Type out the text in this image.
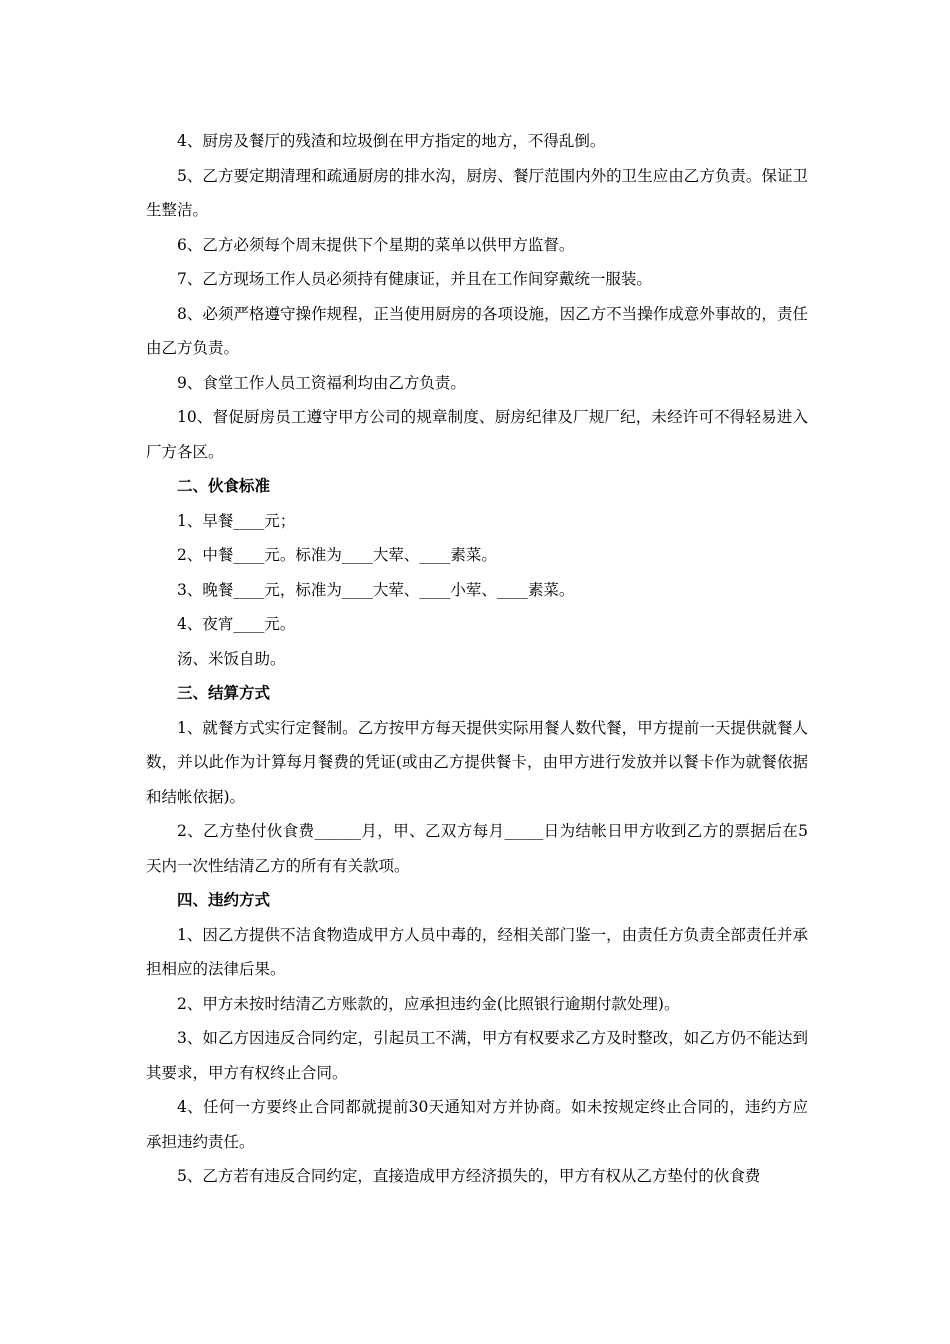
4、厨房及餐厅的残渣和垃圾倒在甲方指定的地方，不得乱倒。

5、乙方要定期清理和疏通厨房的排水沟，厨房、餐厅范围内外的卫生应由乙方负责。保证卫生整洁。

6、乙方必须每个周末提供下个星期的菜单以供甲方监督。

7、乙方现场工作人员必须持有健康证，并且在工作间穿戴统一服装。

8、必须严格遵守操作规程，正当使用厨房的各项设施，因乙方不当操作成意外事故的，责任由乙方负责。

9、食堂工作人员工资福利均由乙方负责。

10、督促厨房员工遵守甲方公司的规章制度、厨房纪律及厂规厂纪，未经许可不得轻易进入厂方各区。

二、伙食标准

1、早餐____元；

2、中餐____元。标准为____大荤、____素菜。

3、晚餐____元，标准为____大荤、____小荤、____素菜。

4、夜宵____元。

汤、米饭自助。

三、结算方式

1、就餐方式实行定餐制。乙方按甲方每天提供实际用餐人数代餐，甲方提前一天提供就餐人数，并以此作为计算每月餐费的凭证(或由乙方提供餐卡，由甲方进行发放并以餐卡作为就餐依据和结帐依据)。

2、乙方垫付伙食费______月，甲、乙双方每月_____日为结帐日甲方收到乙方的票据后在5天内一次性结清乙方的所有有关款项。

四、违约方式

1、因乙方提供不洁食物造成甲方人员中毒的，经相关部门鉴一，由责任方负责全部责任并承担相应的法律后果。

2、甲方未按时结清乙方账款的，应承担违约金(比照银行逾期付款处理)。

3、如乙方因违反合同约定，引起员工不满，甲方有权要求乙方及时整改，如乙方仍不能达到其要求，甲方有权终止合同。

4、任何一方要终止合同都就提前30天通知对方并协商。如未按规定终止合同的，违约方应承担违约责任。

5、乙方若有违反合同约定，直接造成甲方经济损失的，甲方有权从乙方垫付的伙食费
